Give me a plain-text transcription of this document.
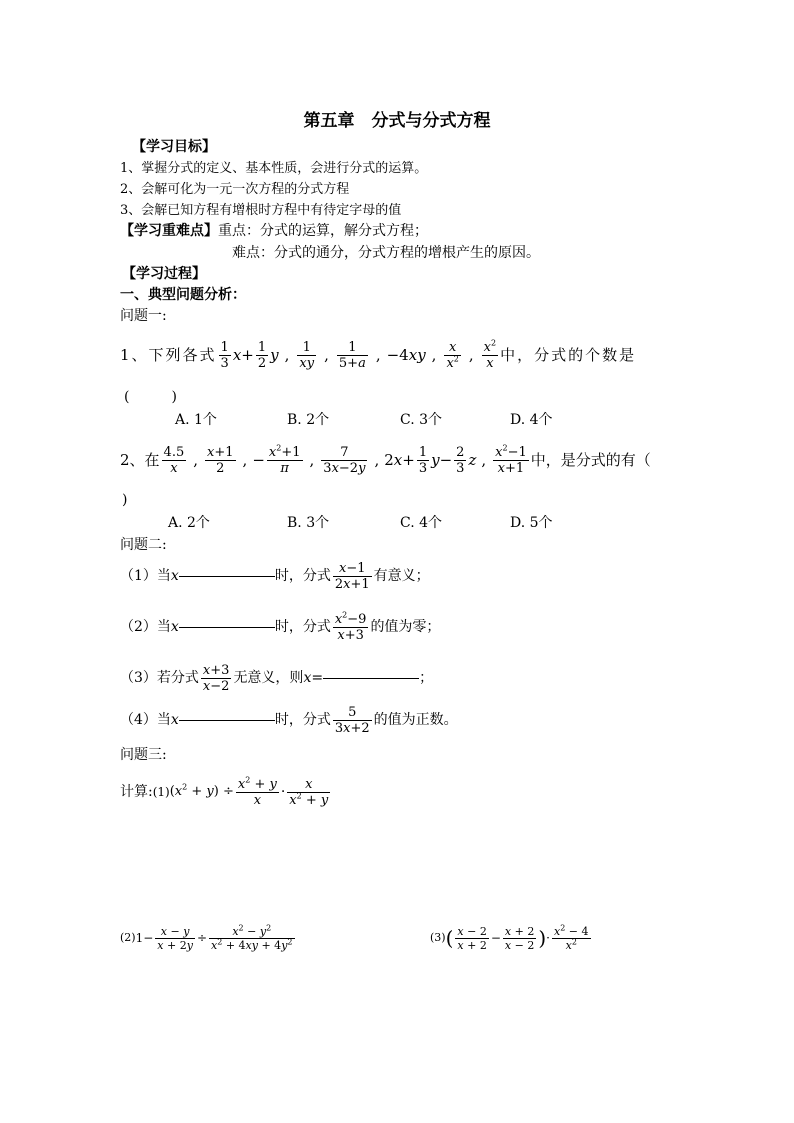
第五章　分式与分式方程
【学习目标】
1、掌握分式的定义、基本性质，会进行分式的运算。
2、会解可化为一元一次方程的分式方程
3、会解已知方程有增根时方程中有待定字母的值
【学习重难点】重点：分式的运算，解分式方程；
难点：分式的通分，分式方程的增根产生的原因。
【学习过程】
一、典型问题分析：
问题一:
1、下列各式 1
3 x + 1
2 y ,	1
xy ,	1
5+a , −4xy , x
$x^2$ , $x^2$
x 中，分式的个数是
(　　　)
A. 1个	B. 2个	C. 3个	D. 4个
2、在 4.5
x	, x+1
2	, − $\frac{x^2+1}{\pi}$ ,	7
3x−2y , $2x+ \frac{1}{3}$ $y - \frac{2}{3}$ z , $x^2-1$
x+1 中，是分式的有（
)
A. 2个	B. 3个	C. 4个	D. 5个
问题二:
（1）当 x	时，分式 x−1
2x+1 有意义；
（2）当 x	时，分式 $x^2-9$
x+3 的值为零；
（3）若分式 x+3
x−2 无意义，则 x =	；
（4）当 x	时，分式	5
3x+2 的值为正数。
问题三:
计算: (1) $(x^2 + y) \div \frac{x^2 + y}{x}$ ·	x
$x^2 + y$
(2) $1- \frac{x - y}{x + 2y} \div \frac{x^2 - y^2}{x^2 + 4xy + 4y^2}$	(3) ( x − 2
$x + 2 - \frac{x + 2}{x - 2}$ ) · $x^2 - 4$
$x^2$
